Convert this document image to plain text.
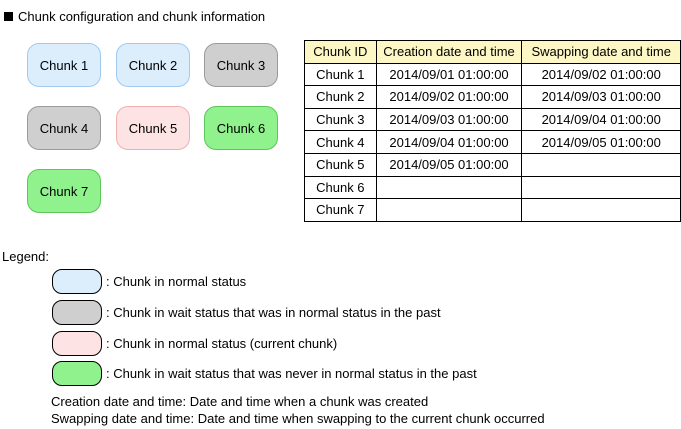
Chunk configuration and chunk information
Chunk 1	Chunk 2	Chunk 3
Chunk 4	Chunk 5	Chunk 6
Chunk 7
Chunk ID	Creation date and time	Swapping date and time
Chunk 1	2014/09/01 01:00:00	2014/09/02 01:00:00
Chunk 2	2014/09/02 01:00:00	2014/09/03 01:00:00
Chunk 3	2014/09/03 01:00:00	2014/09/04 01:00:00
Chunk 4	2014/09/04 01:00:00	2014/09/05 01:00:00
Chunk 5	2014/09/05 01:00:00	
Chunk 6		
Chunk 7		
Legend:
: Chunk in normal status
: Chunk in wait status that was in normal status in the past
: Chunk in normal status (current chunk)
: Chunk in wait status that was never in normal status in the past
Creation date and time: Date and time when a chunk was created
Swapping date and time: Date and time when swapping to the current chunk occurred
